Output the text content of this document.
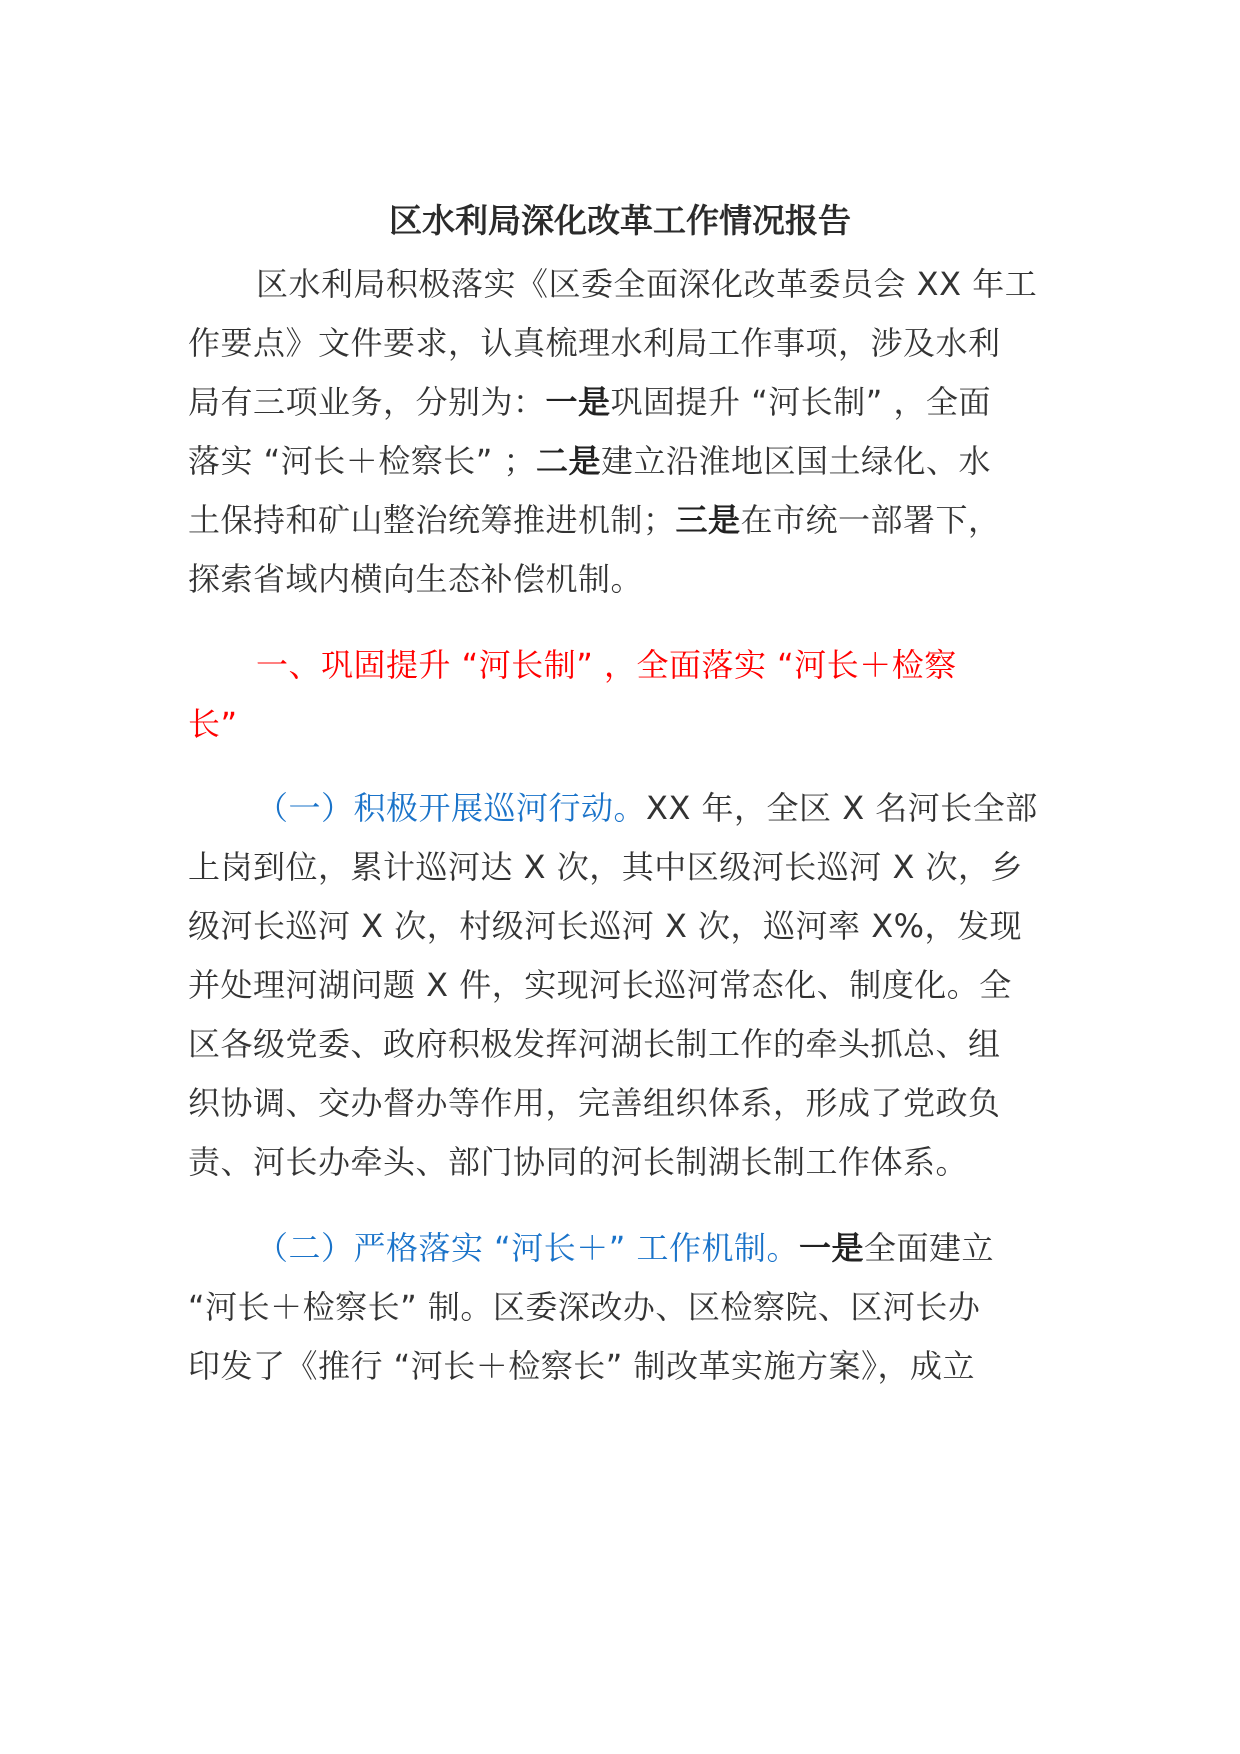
区水利局深化改革工作情况报告
区水利局积极落实《区委全面深化改革委员会 XX 年工
作要点》文件要求，认真梳理水利局工作事项，涉及水利
局有三项业务，分别为：一是巩固提升 “河长制” ，全面
落实 “河长＋检察长” ；二是建立沿淮地区国土绿化、水
土保持和矿山整治统筹推进机制；三是在市统一部署下，
探索省域内横向生态补偿机制。
一、巩固提升 “河长制” ，全面落实 “河长＋检察
长”
（一）积极开展巡河行动。XX 年，全区 X 名河长全部
上岗到位，累计巡河达 X 次，其中区级河长巡河 X 次，乡
级河长巡河 X 次，村级河长巡河 X 次，巡河率 X%，发现
并处理河湖问题 X 件，实现河长巡河常态化、制度化。全
区各级党委、政府积极发挥河湖长制工作的牵头抓总、组
织协调、交办督办等作用，完善组织体系，形成了党政负
责、河长办牵头、部门协同的河长制湖长制工作体系。
（二）严格落实 “河长＋” 工作机制。一是全面建立
“河长＋检察长” 制。区委深改办、区检察院、区河长办
印发了《推行 “河长＋检察长” 制改革实施方案》，成立
